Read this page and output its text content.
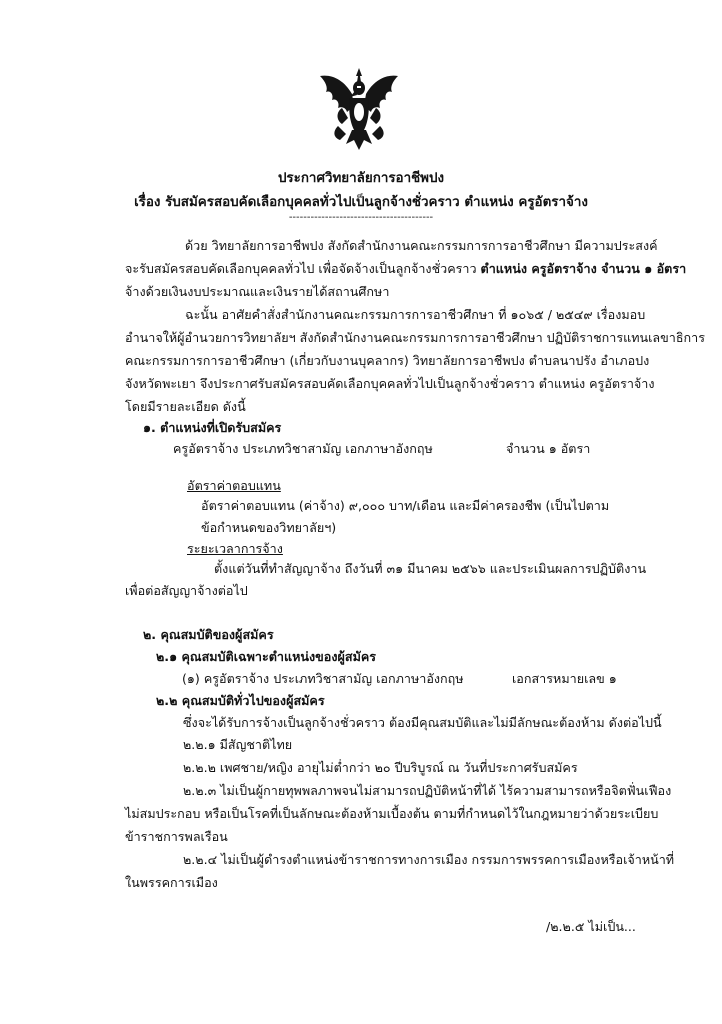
ประกาศวิทยาลัยการอาชีพปง
เรื่อง รับสมัครสอบคัดเลือกบุคคลทั่วไปเป็นลูกจ้างชั่วคราว ตำแหน่ง ครูอัตราจ้าง
----------------------------------------
ด้วย วิทยาลัยการอาชีพปง สังกัดสำนักงานคณะกรรมการการอาชีวศึกษา มีความประสงค์
จะรับสมัครสอบคัดเลือกบุคคลทั่วไป เพื่อจัดจ้างเป็นลูกจ้างชั่วคราว ตำแหน่ง ครูอัตราจ้าง จำนวน ๑ อัตรา
จ้างด้วยเงินงบประมาณและเงินรายได้สถานศึกษา
ฉะนั้น อาศัยคำสั่งสำนักงานคณะกรรมการการอาชีวศึกษา ที่ ๑๐๖๕ / ๒๕๔๙ เรื่องมอบ
อำนาจให้ผู้อำนวยการวิทยาลัยฯ สังกัดสำนักงานคณะกรรมการการอาชีวศึกษา ปฏิบัติราชการแทนเลขาธิการ
คณะกรรมการการอาชีวศึกษา (เกี่ยวกับงานบุคลากร) วิทยาลัยการอาชีพปง ตำบลนาปรัง อำเภอปง
จังหวัดพะเยา จึงประกาศรับสมัครสอบคัดเลือกบุคคลทั่วไปเป็นลูกจ้างชั่วคราว ตำแหน่ง ครูอัตราจ้าง
โดยมีรายละเอียด ดังนี้
๑. ตำแหน่งที่เปิดรับสมัคร
ครูอัตราจ้าง ประเภทวิชาสามัญ เอกภาษาอังกฤษ	จำนวน ๑ อัตรา
อัตราค่าตอบแทน
อัตราค่าตอบแทน (ค่าจ้าง) ๙,๐๐๐ บาท/เดือน และมีค่าครองชีพ (เป็นไปตาม
ข้อกำหนดของวิทยาลัยฯ)
ระยะเวลาการจ้าง
ตั้งแต่วันที่ทำสัญญาจ้าง ถึงวันที่ ๓๑ มีนาคม ๒๕๖๖ และประเมินผลการปฏิบัติงาน
เพื่อต่อสัญญาจ้างต่อไป
๒. คุณสมบัติของผู้สมัคร
๒.๑ คุณสมบัติเฉพาะตำแหน่งของผู้สมัคร
(๑) ครูอัตราจ้าง ประเภทวิชาสามัญ เอกภาษาอังกฤษ	เอกสารหมายเลข ๑
๒.๒ คุณสมบัติทั่วไปของผู้สมัคร
ซึ่งจะได้รับการจ้างเป็นลูกจ้างชั่วคราว ต้องมีคุณสมบัติและไม่มีลักษณะต้องห้าม ดังต่อไปนี้
๒.๒.๑ มีสัญชาติไทย
๒.๒.๒ เพศชาย/หญิง อายุไม่ต่ำกว่า ๒๐ ปีบริบูรณ์ ณ วันที่ประกาศรับสมัคร
๒.๒.๓ ไม่เป็นผู้กายทุพพลภาพจนไม่สามารถปฏิบัติหน้าที่ได้ ไร้ความสามารถหรือจิตฟั่นเฟือง
ไม่สมประกอบ หรือเป็นโรคที่เป็นลักษณะต้องห้ามเบื้องต้น ตามที่กำหนดไว้ในกฎหมายว่าด้วยระเบียบ
ข้าราชการพลเรือน
๒.๒.๔ ไม่เป็นผู้ดำรงตำแหน่งข้าราชการทางการเมือง กรรมการพรรคการเมืองหรือเจ้าหน้าที่
ในพรรคการเมือง
/๒.๒.๕ ไม่เป็น...
